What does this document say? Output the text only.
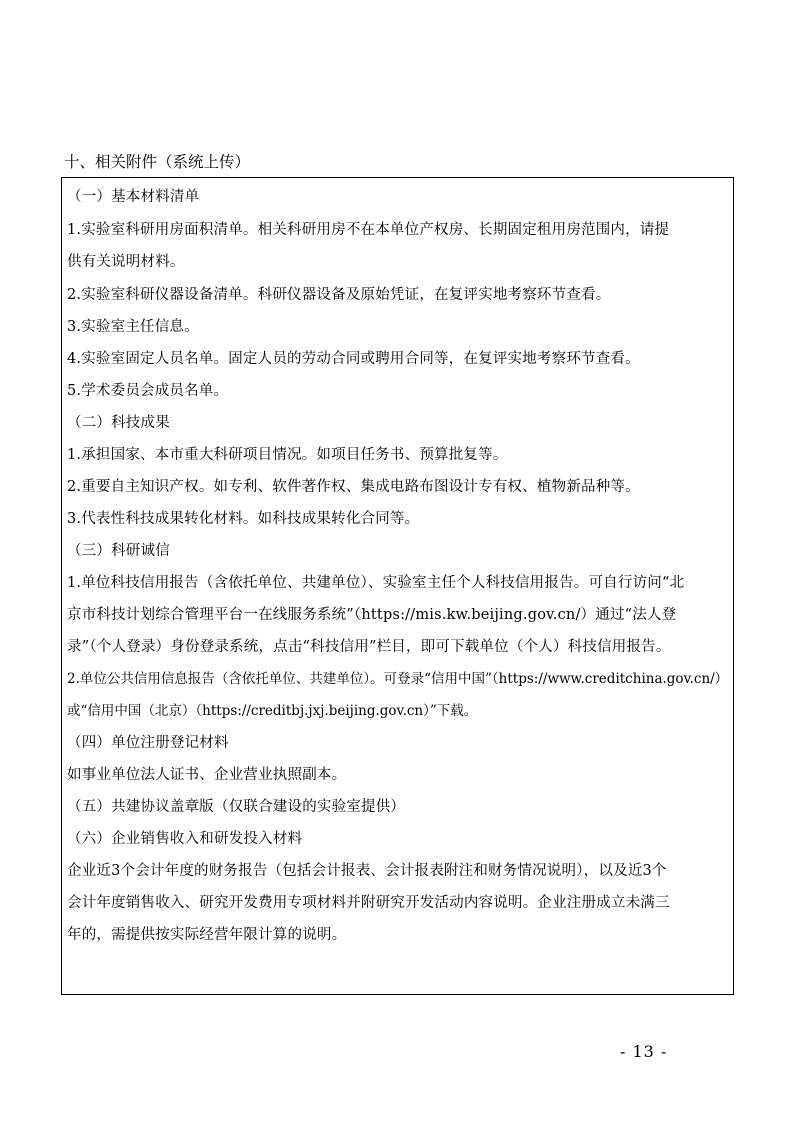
十、相关附件（系统上传）
（一）基本材料清单
1.实验室科研用房面积清单。相关科研用房不在本单位产权房、长期固定租用房范围内，请提
供有关说明材料。
2.实验室科研仪器设备清单。科研仪器设备及原始凭证，在复评实地考察环节查看。
3.实验室主任信息。
4.实验室固定人员名单。固定人员的劳动合同或聘用合同等，在复评实地考察环节查看。
5.学术委员会成员名单。
（二）科技成果
1.承担国家、本市重大科研项目情况。如项目任务书、预算批复等。
2.重要自主知识产权。如专利、软件著作权、集成电路布图设计专有权、植物新品种等。
3.代表性科技成果转化材料。如科技成果转化合同等。
（三）科研诚信
1.单位科技信用报告（含依托单位、共建单位）、实验室主任个人科技信用报告。可自行访问“北
京市科技计划综合管理平台一在线服务系统”（https://mis.kw.beijing.gov.cn/）通过“法人登
录”（个人登录）身份登录系统，点击“科技信用”栏目，即可下载单位（个人）科技信用报告。
2.单位公共信用信息报告（含依托单位、共建单位）。可登录“信用中国”（https://www.creditchina.gov.cn/）
或“信用中国（北京）（https://creditbj.jxj.beijing.gov.cn）”下载。
（四）单位注册登记材料
如事业单位法人证书、企业营业执照副本。
（五）共建协议盖章版（仅联合建设的实验室提供）
（六）企业销售收入和研发投入材料
企业近3个会计年度的财务报告（包括会计报表、会计报表附注和财务情况说明），以及近3个
会计年度销售收入、研究开发费用专项材料并附研究开发活动内容说明。企业注册成立未满三
年的，需提供按实际经营年限计算的说明。
- 13 -
